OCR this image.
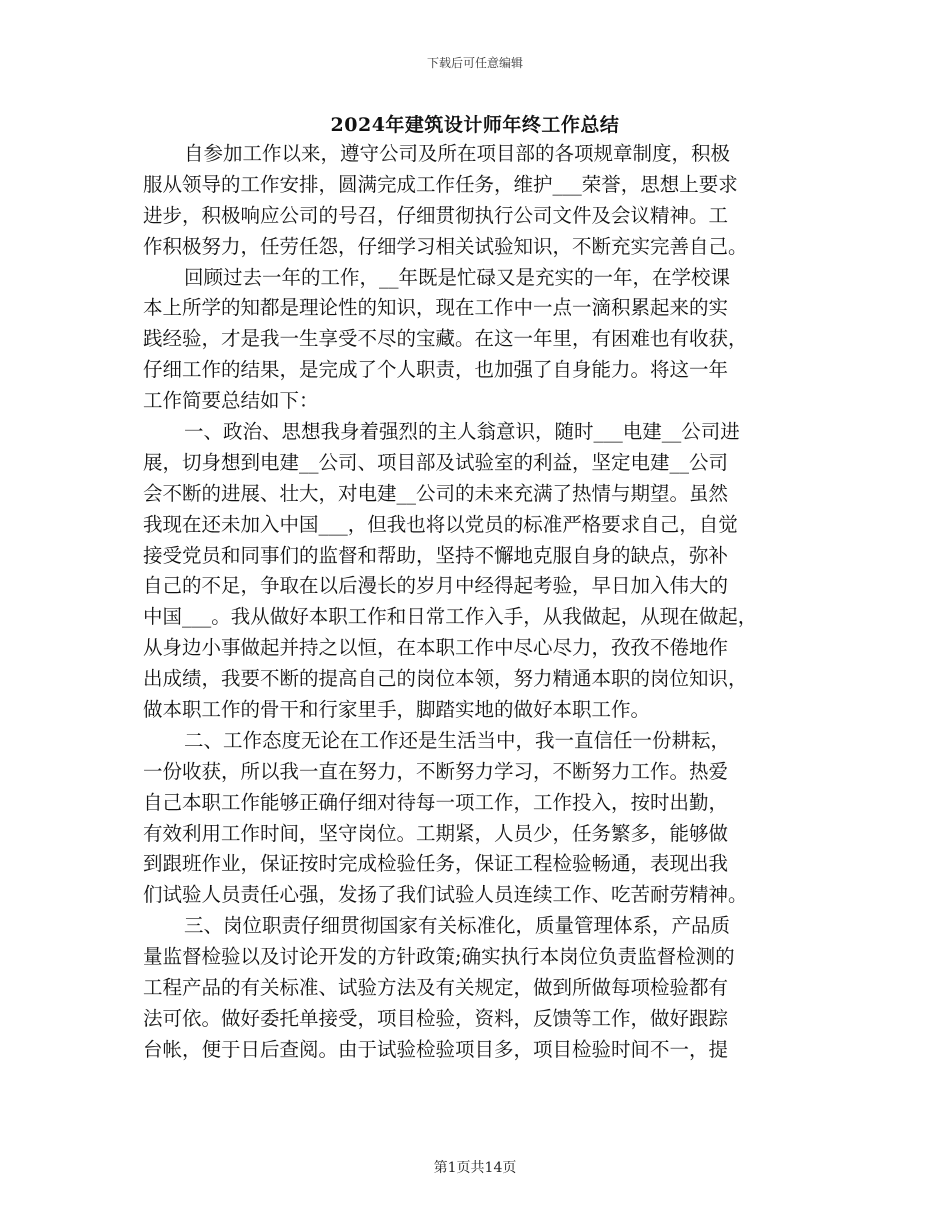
下载后可任意编辑
2024年建筑设计师年终工作总结
自参加工作以来，遵守公司及所在项目部的各项规章制度，积极
服从领导的工作安排，圆满完成工作任务，维护___荣誉，思想上要求
进步，积极响应公司的号召，仔细贯彻执行公司文件及会议精神。工
作积极努力，任劳任怨，仔细学习相关试验知识，不断充实完善自己。
回顾过去一年的工作，__年既是忙碌又是充实的一年，在学校课
本上所学的知都是理论性的知识，现在工作中一点一滴积累起来的实
践经验，才是我一生享受不尽的宝藏。在这一年里，有困难也有收获，
仔细工作的结果，是完成了个人职责，也加强了自身能力。将这一年
工作简要总结如下：
一、政治、思想我身着强烈的主人翁意识，随时___电建__公司进
展，切身想到电建__公司、项目部及试验室的利益，坚定电建__公司
会不断的进展、壮大，对电建__公司的未来充满了热情与期望。虽然
我现在还未加入中国___，但我也将以党员的标准严格要求自己，自觉
接受党员和同事们的监督和帮助，坚持不懈地克服自身的缺点，弥补
自己的不足，争取在以后漫长的岁月中经得起考验，早日加入伟大的
中国___。我从做好本职工作和日常工作入手，从我做起，从现在做起，
从身边小事做起并持之以恒，在本职工作中尽心尽力，孜孜不倦地作
出成绩，我要不断的提高自己的岗位本领，努力精通本职的岗位知识，
做本职工作的骨干和行家里手，脚踏实地的做好本职工作。
二、工作态度无论在工作还是生活当中，我一直信任一份耕耘，
一份收获，所以我一直在努力，不断努力学习，不断努力工作。热爱
自己本职工作能够正确仔细对待每一项工作，工作投入，按时出勤，
有效利用工作时间，坚守岗位。工期紧，人员少，任务繁多，能够做
到跟班作业，保证按时完成检验任务，保证工程检验畅通，表现出我
们试验人员责任心强，发扬了我们试验人员连续工作、吃苦耐劳精神。
三、岗位职责仔细贯彻国家有关标准化，质量管理体系，产品质
量监督检验以及讨论开发的方针政策;确实执行本岗位负责监督检测的
工程产品的有关标准、试验方法及有关规定，做到所做每项检验都有
法可依。做好委托单接受，项目检验，资料，反馈等工作，做好跟踪
台帐，便于日后查阅。由于试验检验项目多，项目检验时间不一，提
第1页共14页
